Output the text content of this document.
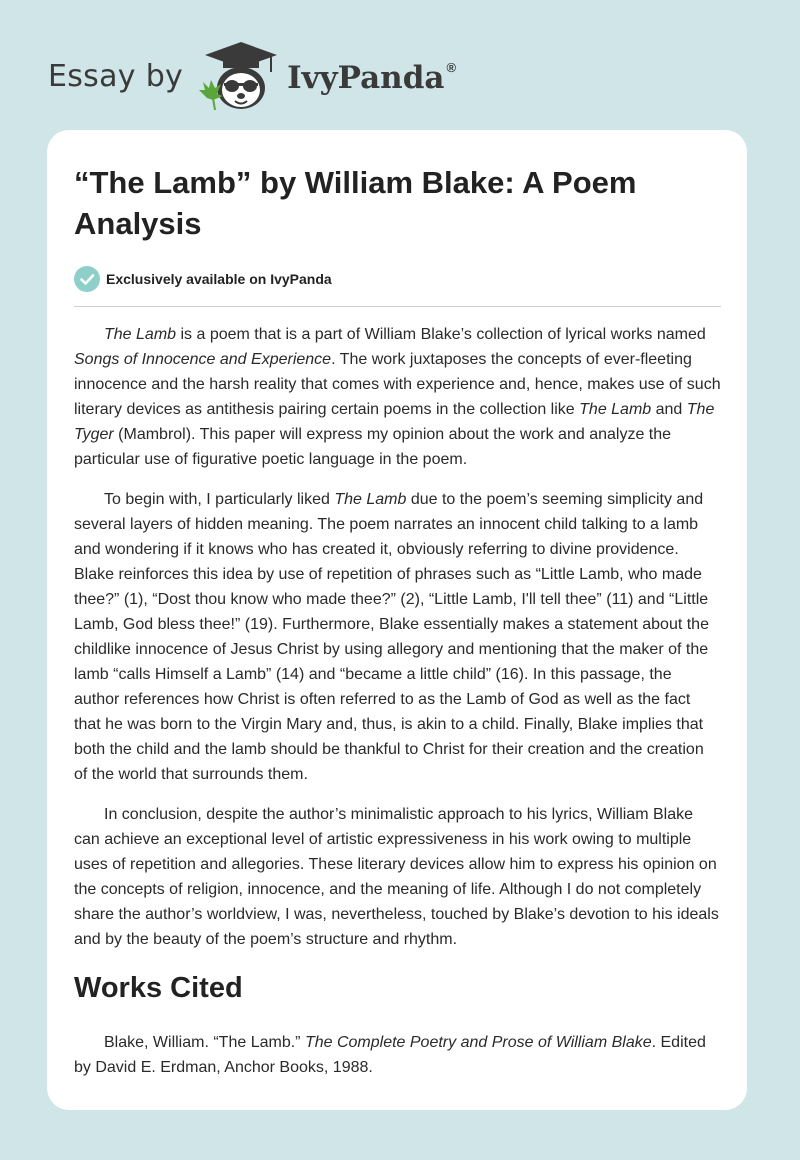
Essay by	IvyPanda ®
“The Lamb” by William Blake: A Poem Analysis
Exclusively available on IvyPanda

The Lamb is a poem that is a part of William Blake’s collection of lyrical works named Songs of Innocence and Experience. The work juxtaposes the concepts of ever-fleeting innocence and the harsh reality that comes with experience and, hence, makes use of such literary devices as antithesis pairing certain poems in the collection like The Lamb and The Tyger (Mambrol). This paper will express my opinion about the work and analyze the particular use of figurative poetic language in the poem.

To begin with, I particularly liked The Lamb due to the poem’s seeming simplicity and several layers of hidden meaning. The poem narrates an innocent child talking to a lamb and wondering if it knows who has created it, obviously referring to divine providence. Blake reinforces this idea by use of repetition of phrases such as “Little Lamb, who made thee?” (1), “Dost thou know who made thee?” (2), “Little Lamb, I'll tell thee” (11) and “Little Lamb, God bless thee!” (19). Furthermore, Blake essentially makes a statement about the childlike innocence of Jesus Christ by using allegory and mentioning that the maker of the lamb “calls Himself a Lamb” (14) and “became a little child” (16). In this passage, the author references how Christ is often referred to as the Lamb of God as well as the fact that he was born to the Virgin Mary and, thus, is akin to a child. Finally, Blake implies that both the child and the lamb should be thankful to Christ for their creation and the creation of the world that surrounds them.

In conclusion, despite the author’s minimalistic approach to his lyrics, William Blake can achieve an exceptional level of artistic expressiveness in his work owing to multiple uses of repetition and allegories. These literary devices allow him to express his opinion on the concepts of religion, innocence, and the meaning of life. Although I do not completely share the author’s worldview, I was, nevertheless, touched by Blake’s devotion to his ideals and by the beauty of the poem’s structure and rhythm.

Works Cited
Blake, William. “The Lamb.” The Complete Poetry and Prose of William Blake. Edited by David E. Erdman, Anchor Books, 1988.
